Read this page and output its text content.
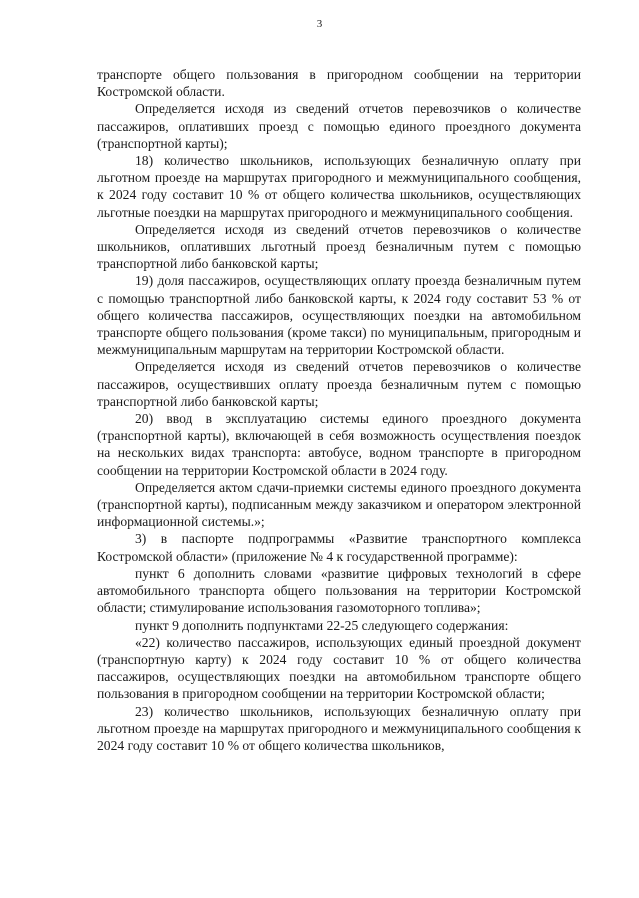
3

транспорте общего пользования в пригородном сообщении на территории Костромской области.

Определяется исходя из сведений отчетов перевозчиков о количестве пассажиров, оплативших проезд с помощью единого проездного документа (транспортной карты);

18) количество школьников, использующих безналичную оплату при льготном проезде на маршрутах пригородного и межмуниципального сообщения, к 2024 году составит 10 % от общего количества школьников, осуществляющих льготные поездки на маршрутах пригородного и межмуниципального сообщения.

Определяется исходя из сведений отчетов перевозчиков о количестве школьников, оплативших льготный проезд безналичным путем с помощью транспортной либо банковской карты;

19) доля пассажиров, осуществляющих оплату проезда безналичным путем с помощью транспортной либо банковской карты, к 2024 году составит 53 % от общего количества пассажиров, осуществляющих поездки на автомобильном транспорте общего пользования (кроме такси) по муниципальным, пригородным и межмуниципальным маршрутам на территории Костромской области.

Определяется исходя из сведений отчетов перевозчиков о количестве пассажиров, осуществивших оплату проезда безналичным путем с помощью транспортной либо банковской карты;

20) ввод в эксплуатацию системы единого проездного документа (транспортной карты), включающей в себя возможность осуществления поездок на нескольких видах транспорта: автобусе, водном транспорте в пригородном сообщении на территории Костромской области в 2024 году.

Определяется актом сдачи-приемки системы единого проездного документа (транспортной карты), подписанным между заказчиком и оператором электронной информационной системы.»;

3) в паспорте подпрограммы «Развитие транспортного комплекса Костромской области» (приложение № 4 к государственной программе):

пункт 6 дополнить словами «развитие цифровых технологий в сфере автомобильного транспорта общего пользования на территории Костромской области; стимулирование использования газомоторного топлива»;

пункт 9 дополнить подпунктами 22-25 следующего содержания:

«22) количество пассажиров, использующих единый проездной документ (транспортную карту) к 2024 году составит 10 % от общего количества пассажиров, осуществляющих поездки на автомобильном транспорте общего пользования в пригородном сообщении на территории Костромской области;

23) количество школьников, использующих безналичную оплату при льготном проезде на маршрутах пригородного и межмуниципального сообщения к 2024 году составит 10 % от общего количества школьников,
